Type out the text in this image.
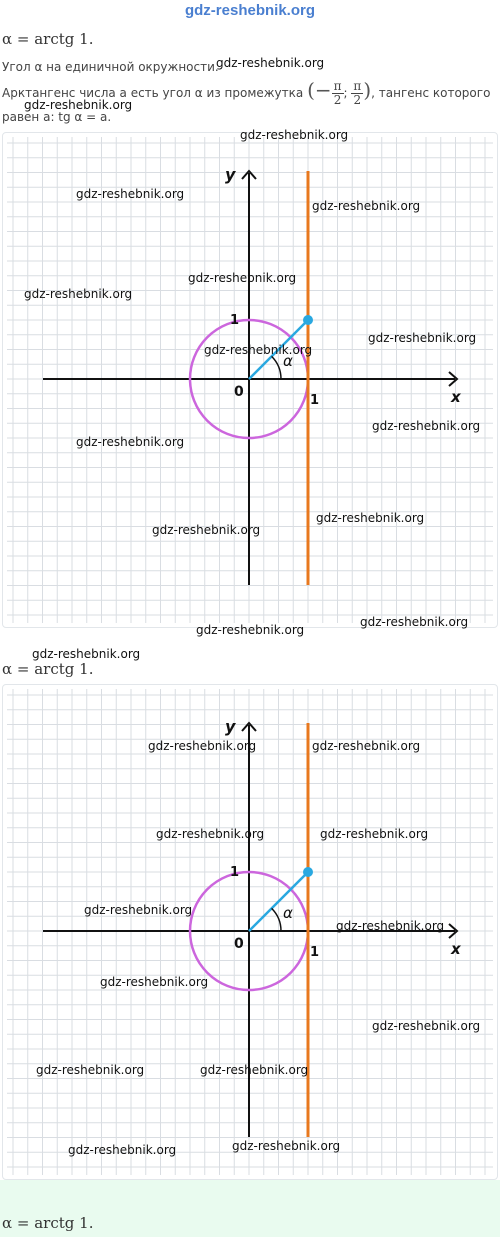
gdz-reshebnik.org
α = arctg 1.
Угол α на единичной окружности.
gdz-reshebnik.org
Арктангенс числа a есть угол α из промежутка (− $\frac{\pi}{2}$ ; $\frac{\pi}{2}$ ), тангенс которого
gdz-reshebnik.org
равен a: tg α = a.
x
y
0
1
1
α
gdz-reshebnik.org
gdz-reshebnik.org
gdz-reshebnik.org
gdz-reshebnik.org
gdz-reshebnik.org
gdz-reshebnik.org
gdz-reshebnik.org
gdz-reshebnik.org
gdz-reshebnik.org
gdz-reshebnik.org
gdz-reshebnik.org
gdz-reshebnik.org
gdz-reshebnik.org
gdz-reshebnik.org
α = arctg 1.
x
y
0
1
1
α
gdz-reshebnik.org	gdz-reshebnik.org
gdz-reshebnik.org	gdz-reshebnik.org
gdz-reshebnik.org
gdz-reshebnik.org
gdz-reshebnik.org
gdz-reshebnik.org
gdz-reshebnik.org	gdz-reshebnik.org
gdz-reshebnik.org
gdz-reshebnik.org
α = arctg 1.
